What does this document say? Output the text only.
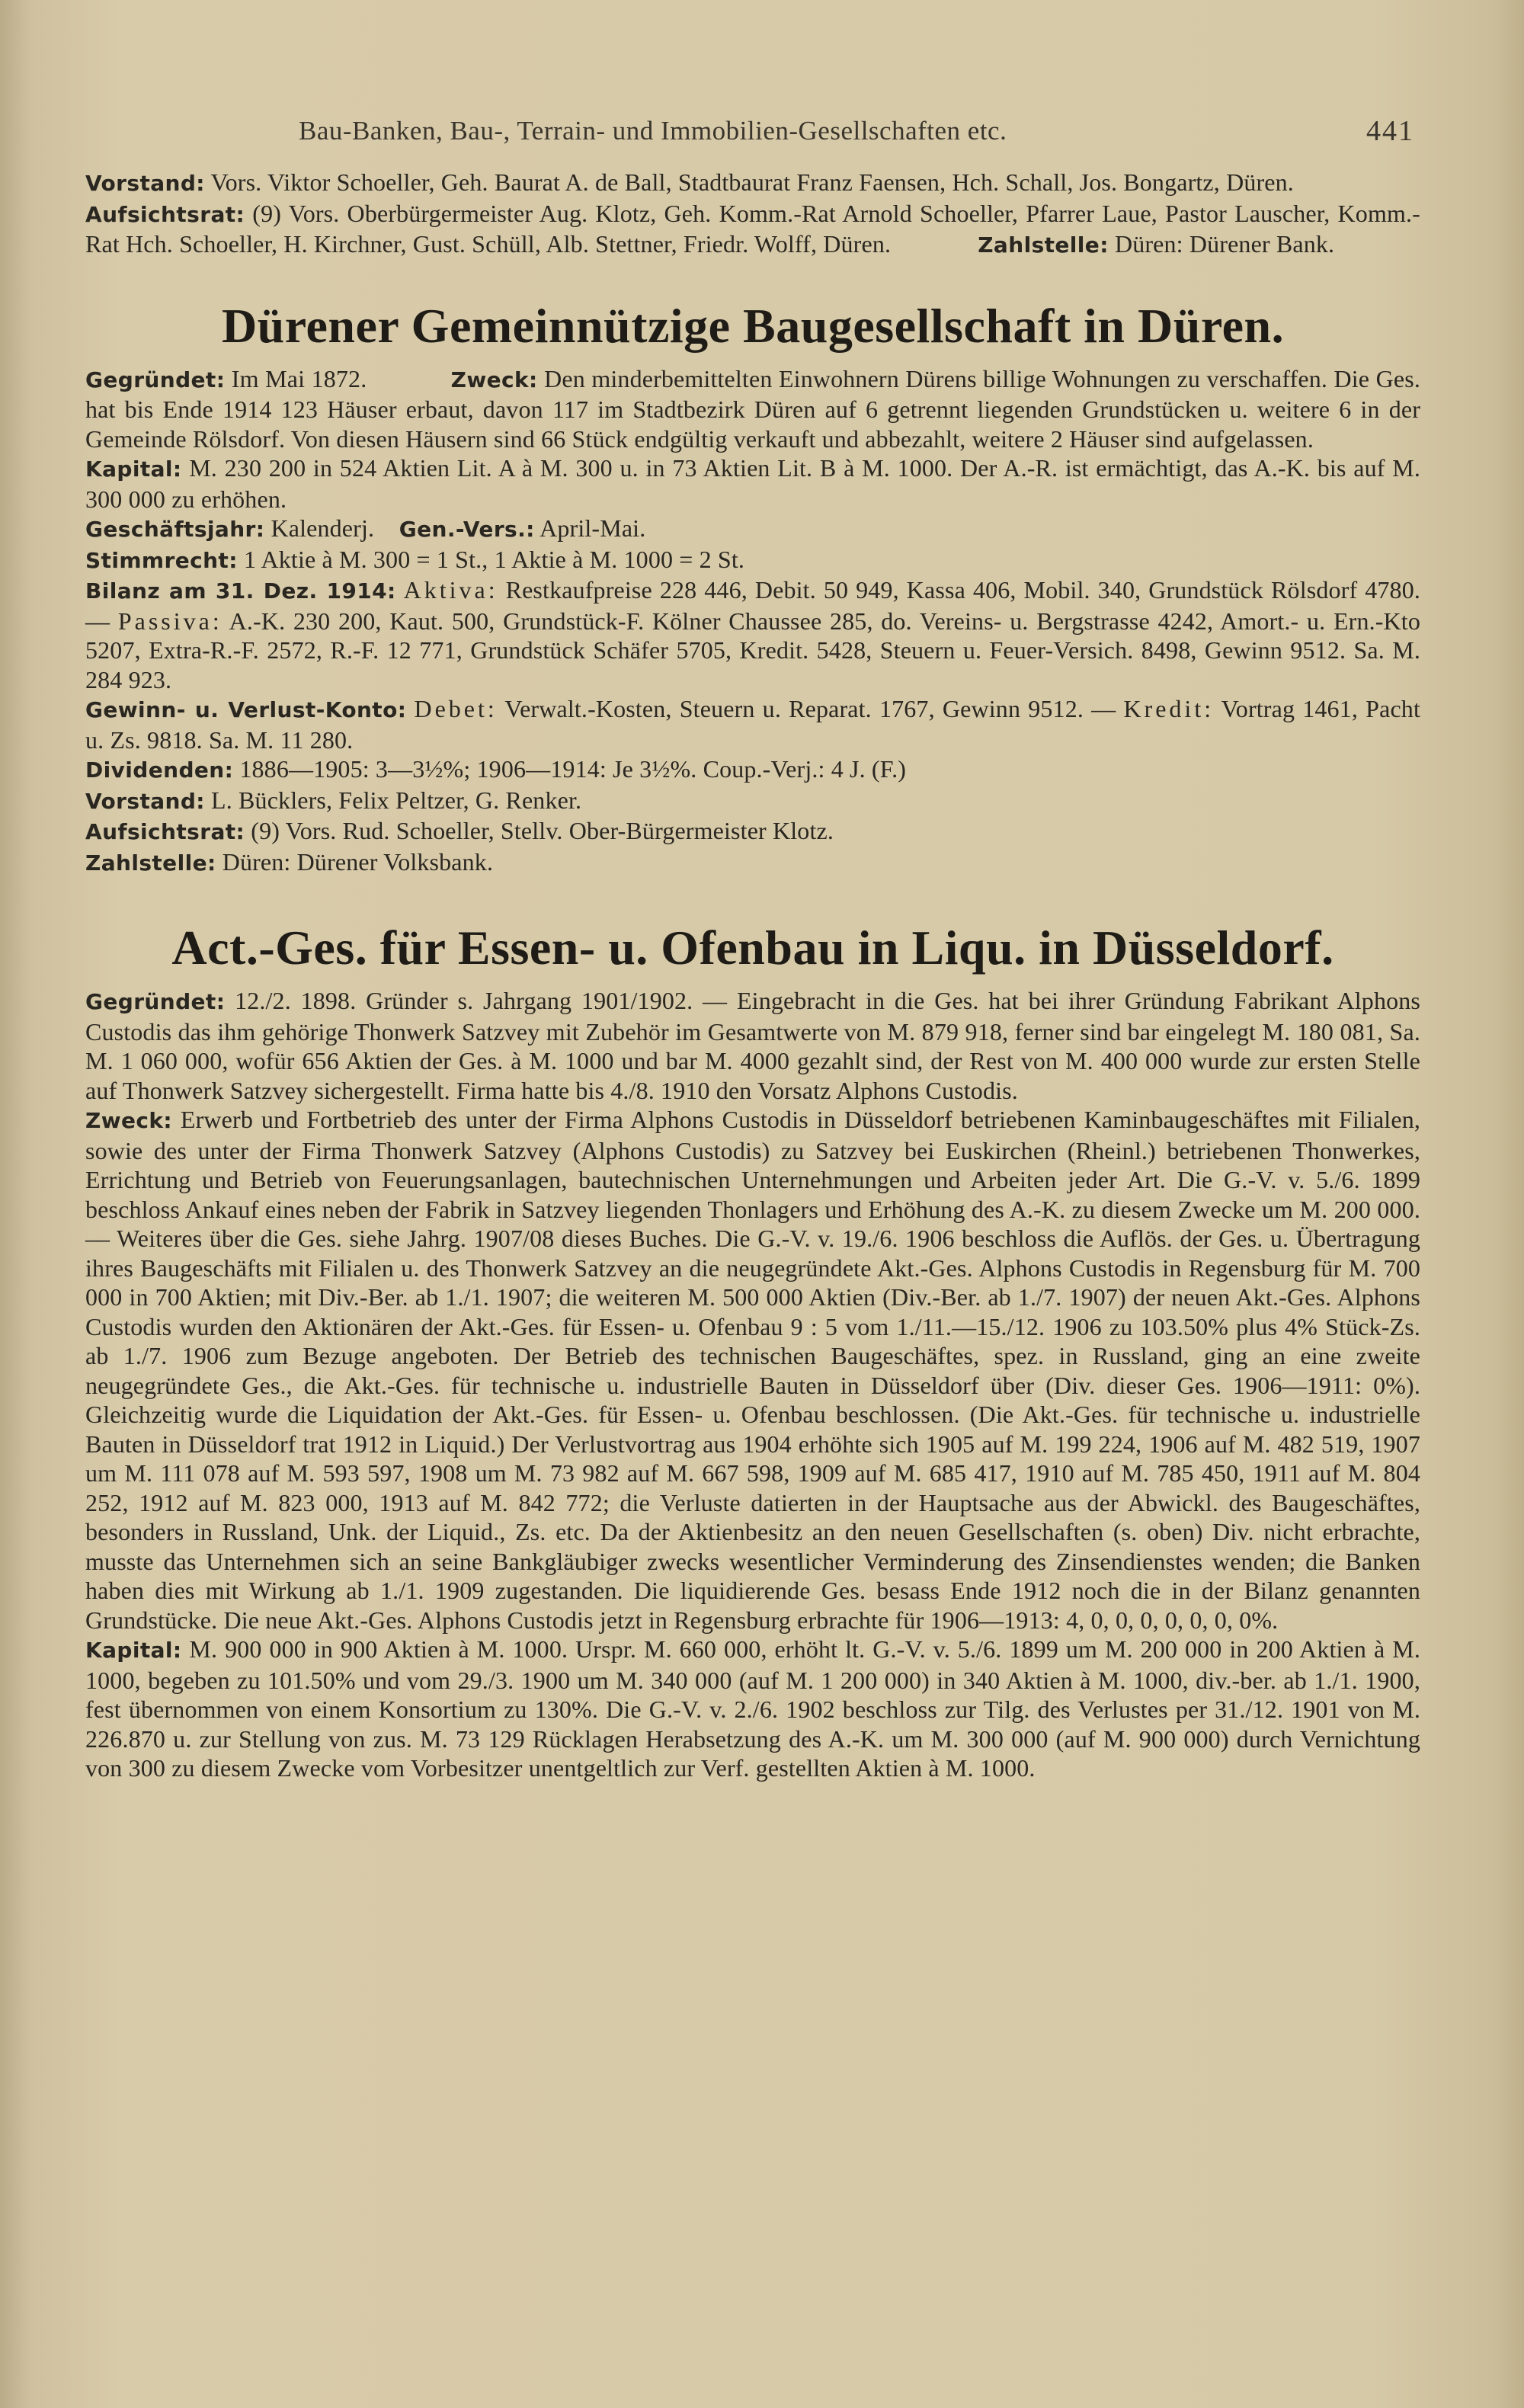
Bau-Banken, Bau-, Terrain- und Immobilien-Gesellschaften etc.	441

Vorstand: Vors. Viktor Schoeller, Geh. Baurat A. de Ball, Stadtbaurat Franz Faensen, Hch. Schall, Jos. Bongartz, Düren.

Aufsichtsrat: (9) Vors. Oberbürgermeister Aug. Klotz, Geh. Komm.-Rat Arnold Schoeller, Pfarrer Laue, Pastor Lauscher, Komm.-Rat Hch. Schoeller, H. Kirchner, Gust. Schüll, Alb. Stettner, Friedr. Wolff, Düren.	Zahlstelle: Düren: Dürener Bank.

Dürener Gemeinnützige Baugesellschaft in Düren.

Gegründet: Im Mai 1872.	Zweck: Den minderbemittelten Einwohnern Dürens billige Wohnungen zu verschaffen. Die Ges. hat bis Ende 1914 123 Häuser erbaut, davon 117 im Stadtbezirk Düren auf 6 getrennt liegenden Grundstücken u. weitere 6 in der Gemeinde Rölsdorf. Von diesen Häusern sind 66 Stück endgültig verkauft und abbezahlt, weitere 2 Häuser sind aufgelassen.

Kapital: M. 230 200 in 524 Aktien Lit. A à M. 300 u. in 73 Aktien Lit. B à M. 1000. Der A.-R. ist ermächtigt, das A.-K. bis auf M. 300 000 zu erhöhen.

Geschäftsjahr: Kalenderj.    Gen.-Vers.: April-Mai.

Stimmrecht: 1 Aktie à M. 300 = 1 St., 1 Aktie à M. 1000 = 2 St.

Bilanz am 31. Dez. 1914: Aktiva: Restkaufpreise 228 446, Debit. 50 949, Kassa 406, Mobil. 340, Grundstück Rölsdorf 4780. — Passiva: A.-K. 230 200, Kaut. 500, Grundstück-F. Kölner Chaussee 285, do. Vereins- u. Bergstrasse 4242, Amort.- u. Ern.-Kto 5207, Extra-R.-F. 2572, R.-F. 12 771, Grundstück Schäfer 5705, Kredit. 5428, Steuern u. Feuer-Versich. 8498, Gewinn 9512. Sa. M. 284 923.

Gewinn- u. Verlust-Konto: Debet: Verwalt.-Kosten, Steuern u. Reparat. 1767, Gewinn 9512. — Kredit: Vortrag 1461, Pacht u. Zs. 9818. Sa. M. 11 280.

Dividenden: 1886—1905: 3—3½%; 1906—1914: Je 3½%. Coup.-Verj.: 4 J. (F.)

Vorstand: L. Bücklers, Felix Peltzer, G. Renker.

Aufsichtsrat: (9) Vors. Rud. Schoeller, Stellv. Ober-Bürgermeister Klotz.

Zahlstelle: Düren: Dürener Volksbank.

Act.-Ges. für Essen- u. Ofenbau in Liqu. in Düsseldorf.

Gegründet: 12./2. 1898. Gründer s. Jahrgang 1901/1902. — Eingebracht in die Ges. hat bei ihrer Gründung Fabrikant Alphons Custodis das ihm gehörige Thonwerk Satzvey mit Zubehör im Gesamtwerte von M. 879 918, ferner sind bar eingelegt M. 180 081, Sa. M. 1 060 000, wofür 656 Aktien der Ges. à M. 1000 und bar M. 4000 gezahlt sind, der Rest von M. 400 000 wurde zur ersten Stelle auf Thonwerk Satzvey sichergestellt. Firma hatte bis 4./8. 1910 den Vorsatz Alphons Custodis.

Zweck: Erwerb und Fortbetrieb des unter der Firma Alphons Custodis in Düsseldorf betriebenen Kaminbaugeschäftes mit Filialen, sowie des unter der Firma Thonwerk Satzvey (Alphons Custodis) zu Satzvey bei Euskirchen (Rheinl.) betriebenen Thonwerkes, Errichtung und Betrieb von Feuerungsanlagen, bautechnischen Unternehmungen und Arbeiten jeder Art. Die G.-V. v. 5./6. 1899 beschloss Ankauf eines neben der Fabrik in Satzvey liegenden Thonlagers und Erhöhung des A.-K. zu diesem Zwecke um M. 200 000. — Weiteres über die Ges. siehe Jahrg. 1907/08 dieses Buches. Die G.-V. v. 19./6. 1906 beschloss die Auflös. der Ges. u. Übertragung ihres Baugeschäfts mit Filialen u. des Thonwerk Satzvey an die neugegründete Akt.-Ges. Alphons Custodis in Regensburg für M. 700 000 in 700 Aktien; mit Div.-Ber. ab 1./1. 1907; die weiteren M. 500 000 Aktien (Div.-Ber. ab 1./7. 1907) der neuen Akt.-Ges. Alphons Custodis wurden den Aktionären der Akt.-Ges. für Essen- u. Ofenbau 9 : 5 vom 1./11.—15./12. 1906 zu 103.50% plus 4% Stück-Zs. ab 1./7. 1906 zum Bezuge angeboten. Der Betrieb des technischen Baugeschäftes, spez. in Russland, ging an eine zweite neugegründete Ges., die Akt.-Ges. für technische u. industrielle Bauten in Düsseldorf über (Div. dieser Ges. 1906—1911: 0%). Gleichzeitig wurde die Liquidation der Akt.-Ges. für Essen- u. Ofenbau beschlossen. (Die Akt.-Ges. für technische u. industrielle Bauten in Düsseldorf trat 1912 in Liquid.) Der Verlustvortrag aus 1904 erhöhte sich 1905 auf M. 199 224, 1906 auf M. 482 519, 1907 um M. 111 078 auf M. 593 597, 1908 um M. 73 982 auf M. 667 598, 1909 auf M. 685 417, 1910 auf M. 785 450, 1911 auf M. 804 252, 1912 auf M. 823 000, 1913 auf M. 842 772; die Verluste datierten in der Hauptsache aus der Abwickl. des Baugeschäftes, besonders in Russland, Unk. der Liquid., Zs. etc. Da der Aktienbesitz an den neuen Gesellschaften (s. oben) Div. nicht erbrachte, musste das Unternehmen sich an seine Bankgläubiger zwecks wesentlicher Verminderung des Zinsendienstes wenden; die Banken haben dies mit Wirkung ab 1./1. 1909 zugestanden. Die liquidierende Ges. besass Ende 1912 noch die in der Bilanz genannten Grundstücke. Die neue Akt.-Ges. Alphons Custodis jetzt in Regensburg erbrachte für 1906—1913: 4, 0, 0, 0, 0, 0, 0, 0%.

Kapital: M. 900 000 in 900 Aktien à M. 1000. Urspr. M. 660 000, erhöht lt. G.-V. v. 5./6. 1899 um M. 200 000 in 200 Aktien à M. 1000, begeben zu 101.50% und vom 29./3. 1900 um M. 340 000 (auf M. 1 200 000) in 340 Aktien à M. 1000, div.-ber. ab 1./1. 1900, fest übernommen von einem Konsortium zu 130%. Die G.-V. v. 2./6. 1902 beschloss zur Tilg. des Verlustes per 31./12. 1901 von M. 226.870 u. zur Stellung von zus. M. 73 129 Rücklagen Herabsetzung des A.-K. um M. 300 000 (auf M. 900 000) durch Vernichtung von 300 zu diesem Zwecke vom Vorbesitzer unentgeltlich zur Verf. gestellten Aktien à M. 1000.
